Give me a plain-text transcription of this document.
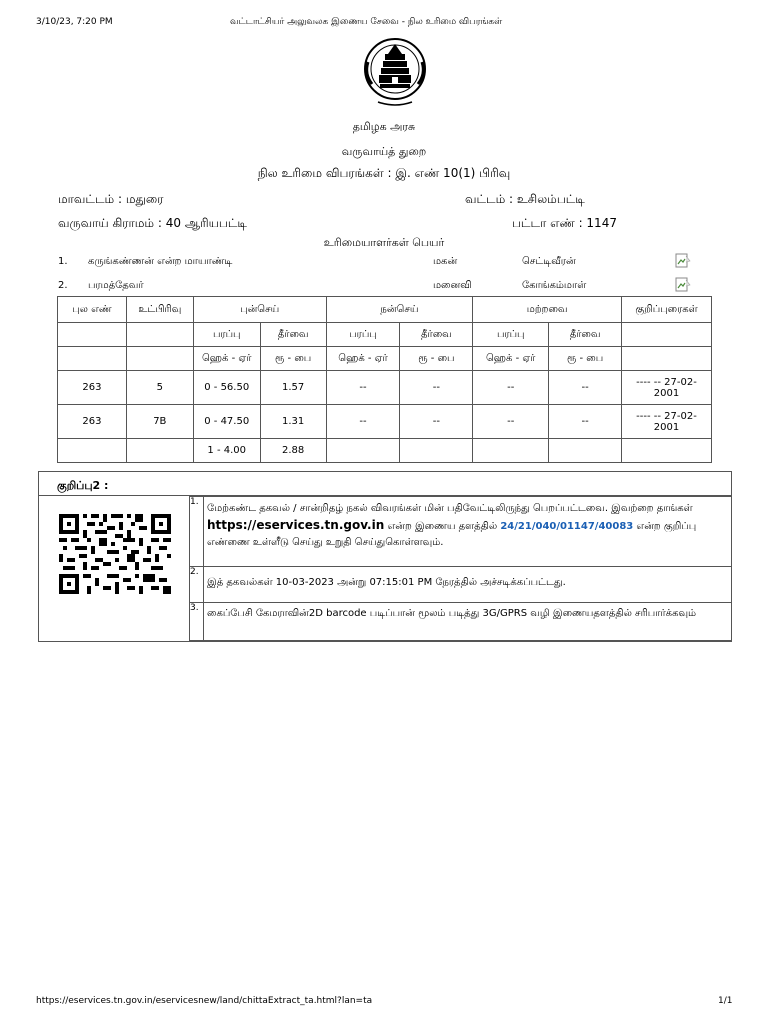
3/10/23, 7:20 PM	வட்டாட்சியர் அலுவலக இணைய சேவை - நில உரிமை விபரங்கள்
தமிழக அரசு
வருவாய்த் துறை
நில உரிமை விபரங்கள் : இ. எண் 10(1) பிரிவு
மாவட்டம் : மதுரை	வட்டம் : உசிலம்பட்டி
வருவாய் கிராமம் : 40 ஆரியபட்டி	பட்டா எண் : 1147
உரிமையாளர்கள் பெயர்
1. கருங்கண்ணன் என்ற மாயாண்டி	மகன்	செட்டிவீரன்
2. பரமத்தேவர்	மனைவி	கோங்கம்மாள்
புல எண்	உட்பிரிவு	புன்செய்		நன்செய்		மற்றவை		குறிப்புரைகள்
		பரப்பு	தீர்வை	பரப்பு	தீர்வை	பரப்பு	தீர்வை	
		ஹெக் - ஏர்	ரூ - பை	ஹெக் - ஏர்	ரூ - பை	ஹெக் - ஏர்	ரூ - பை	
263	5	0 - 56.50	1.57	--	--	--	--	---- -- 27-02-2001
263	7B	0 - 47.50	1.31	--	--	--	--	---- -- 27-02-2001
		1 - 4.00	2.88					
குறிப்பு2 :
1.	மேற்கண்ட தகவல் / சான்றிதழ் நகல் விவரங்கள் மின் பதிவேட்டிலிருந்து பெறப்பட்டவை. இவற்றை தாங்கள் https://eservices.tn.gov.in என்ற இணைய தளத்தில் 24/21/040/01147/40083 என்ற குறிப்பு எண்ணை உள்ளீடு செய்து உறுதி செய்துகொள்ளவும்.
2.	இத் தகவல்கள் 10-03-2023 அன்று 07:15:01 PM நேரத்தில் அச்சடிக்கப்பட்டது.
3.	கைப்பேசி கேமராவின்2D barcode படிப்பான் மூலம் படித்து 3G/GPRS வழி இணையதளத்தில் சரிபார்க்கவும்
https://eservices.tn.gov.in/eservicesnew/land/chittaExtract_ta.html?lan=ta	1/1
